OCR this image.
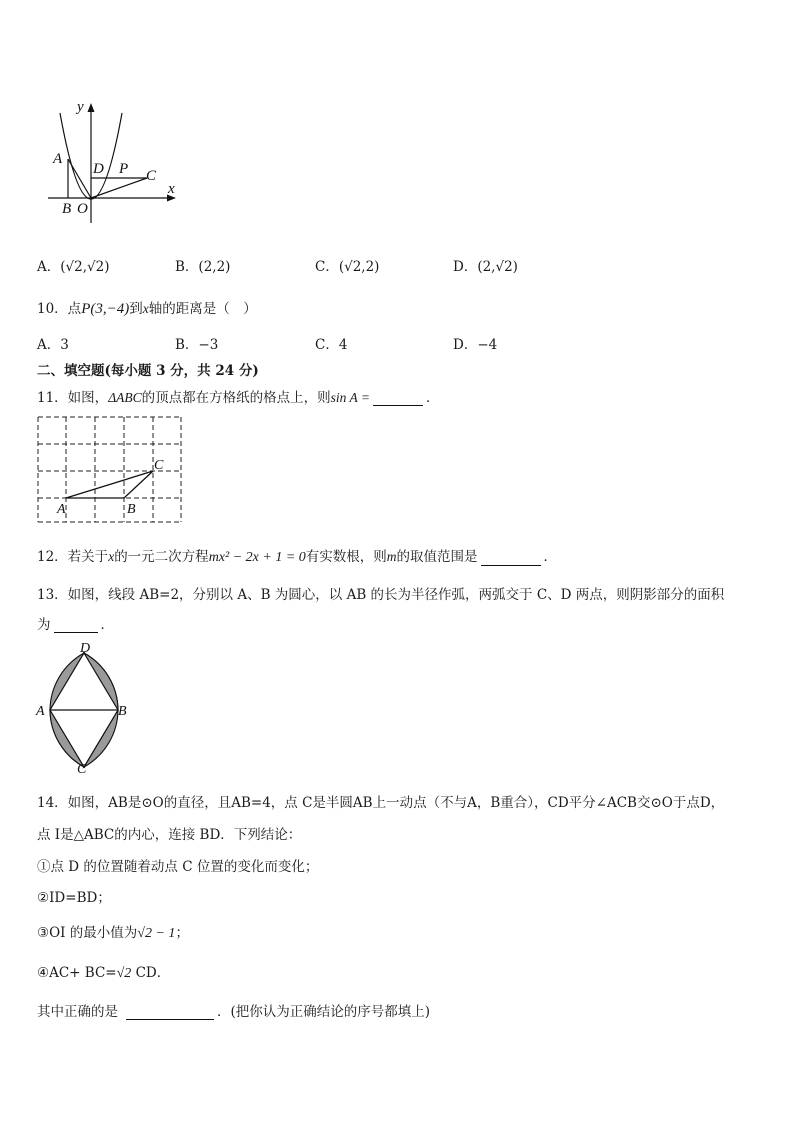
y
x
A
B O
D P C
A．(√2,√2)	B．(2,2)	C．(√2,2)	D．(2,√2)
10．点P(3,−4)到x轴的距离是（　）
A．3	B．−3	C．4	D．−4
二、填空题(每小题 3 分，共 24 分)
11．如图，ΔABC的顶点都在方格纸的格点上，则sin A =	．
A	B
C
12．若关于x的一元二次方程mx² − 2x + 1 = 0有实数根，则m的取值范围是	．
13．如图，线段 AB=2，分别以 A、B 为圆心，以 AB 的长为半径作弧，两弧交于 C、D 两点，则阴影部分的面积
为	．
D
A	B
C
14．如图，AB是⊙O的直径，且AB=4，点 C是半圆AB上一动点（不与A，B重合），CD平分∠ACB交⊙O于点D，
点 I是△ABC的内心，连接 BD．下列结论：
①点 D 的位置随着动点 C 位置的变化而变化；
②ID=BD；
③OI 的最小值为√2 − 1；
④AC+ BC=√2 CD．
其中正确的是	．(把你认为正确结论的序号都填上)
